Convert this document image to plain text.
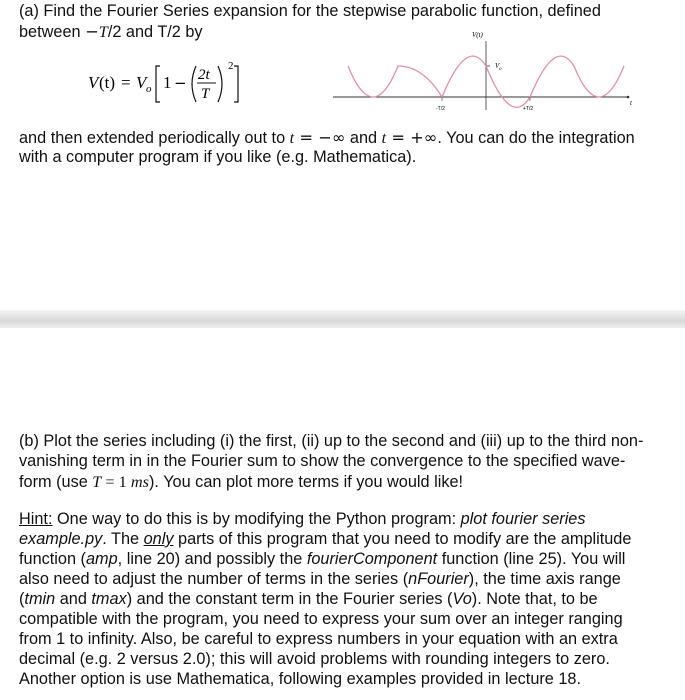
(a) Find the Fourier Series expansion for the stepwise parabolic function, defined

between −T/2 and T/2 by

V (t) = V o 1 − 2t
T
2
V(t)
t
V o
-T/2	+T/2

and then extended periodically out to t = −∞ and t = +∞. You can do the integration

with a computer program if you like (e.g. Mathematica).

(b) Plot the series including (i) the first, (ii) up to the second and (iii) up to the third non-

vanishing term in in the Fourier sum to show the convergence to the specified wave-

form (use T = 1 ms). You can plot more terms if you would like!

Hint: One way to do this is by modifying the Python program: plot fourier series

example.py. The only parts of this program that you need to modify are the amplitude

function (amp, line 20) and possibly the fourierComponent function (line 25). You will

also need to adjust the number of terms in the series (nFourier), the time axis range

(tmin and tmax) and the constant term in the Fourier series (Vo). Note that, to be

compatible with the program, you need to express your sum over an integer ranging

from 1 to infinity. Also, be careful to express numbers in your equation with an extra

decimal (e.g. 2 versus 2.0); this will avoid problems with rounding integers to zero.

Another option is use Mathematica, following examples provided in lecture 18.
